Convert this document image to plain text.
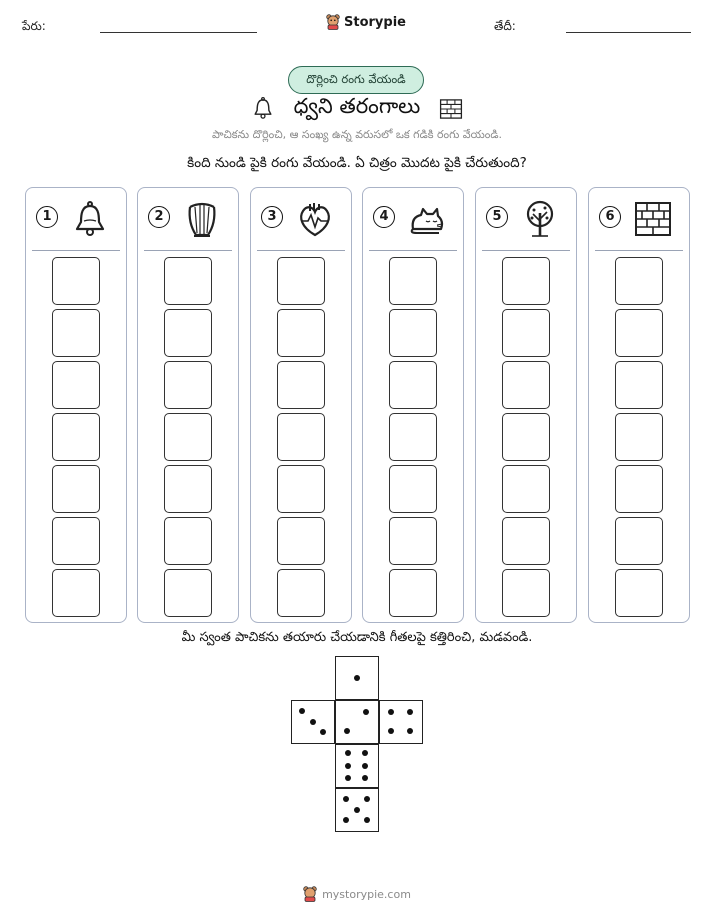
పేరు:	Storypie	తేదీ:
దొర్లించి రంగు వేయండి
ధ్వని తరంగాలు
పాచికను దొర్లించి, ఆ సంఖ్య ఉన్న వరుసలో ఒక గడికి రంగు వేయండి.
కింది నుండి పైకి రంగు వేయండి. ఏ చిత్రం మొదట పైకి చేరుతుంది?
1	2	3	4	5	6
మీ స్వంత పాచికను తయారు చేయడానికి గీతలపై కత్తిరించి, మడవండి.
mystorypie.com
